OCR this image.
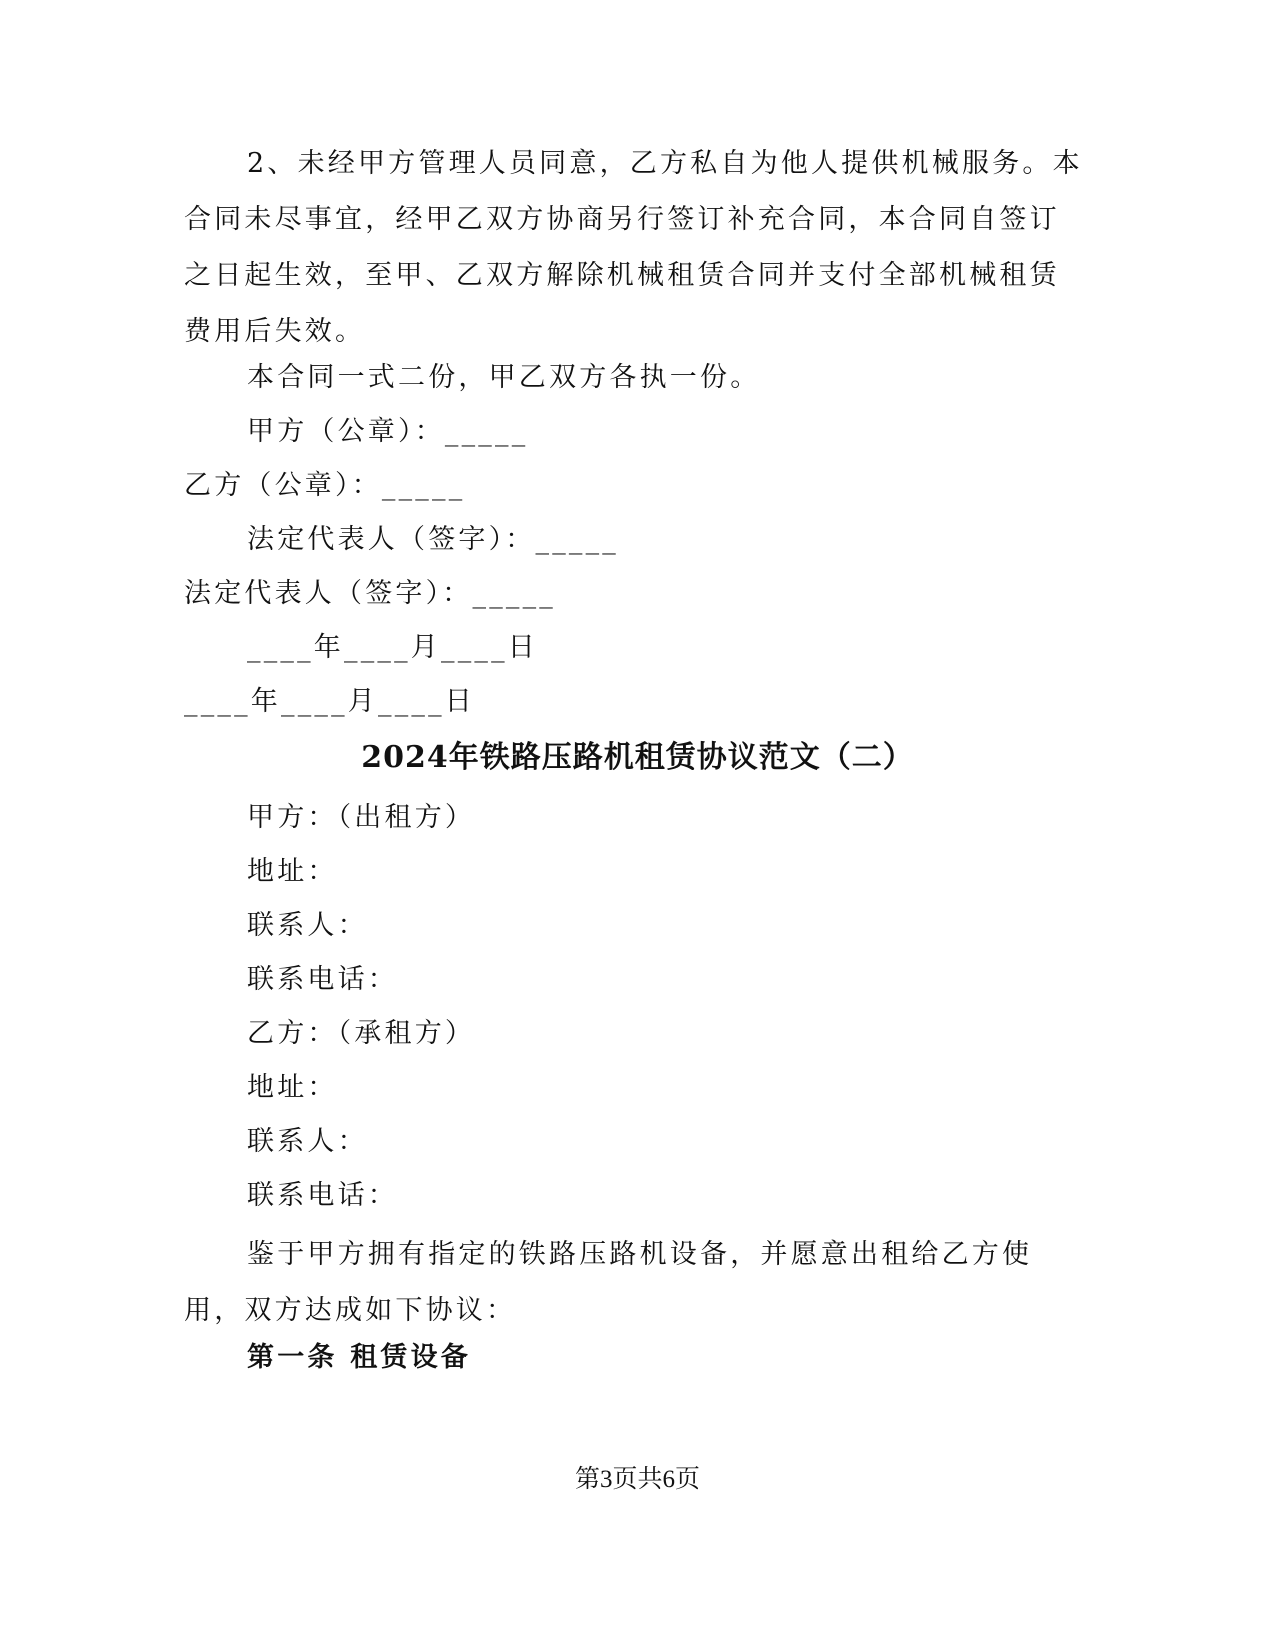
2、未经甲方管理人员同意，乙方私自为他人提供机械服务。本合同未尽事宜，经甲乙双方协商另行签订补充合同，本合同自签订之日起生效，至甲、乙双方解除机械租赁合同并支付全部机械租赁费用后失效。
本合同一式二份，甲乙双方各执一份。
甲方（公章）：_____
乙方（公章）：_____
法定代表人（签字）：_____
法定代表人（签字）：_____
____年____月____日
____年____月____日
2024年铁路压路机租赁协议范文（二）
甲方：（出租方）
地址：
联系人：
联系电话：
乙方：（承租方）
地址：
联系人：
联系电话：
鉴于甲方拥有指定的铁路压路机设备，并愿意出租给乙方使用，双方达成如下协议：
第一条 租赁设备
第3页共6页
